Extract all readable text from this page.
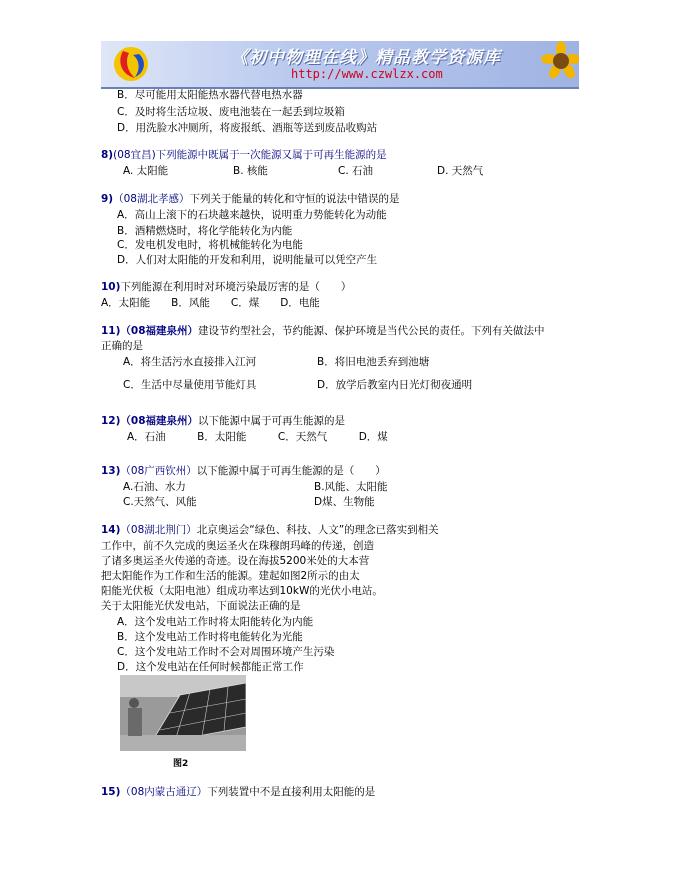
《初中物理在线》精品教学资源库
http://www.czwlzx.com
B．尽可能用太阳能热水器代替电热水器
C．及时将生活垃圾、废电池装在一起丢到垃圾箱
D．用洗脸水冲厕所，将废报纸、酒瓶等送到废品收购站
8)(08宜昌)下列能源中既属于一次能源又属于可再生能源的是
A. 太阳能	B. 核能	C. 石油	D. 天然气
9)（08湖北孝感）下列关于能量的转化和守恒的说法中错误的是
A．高山上滚下的石块越来越快，说明重力势能转化为动能
B．酒精燃烧时，将化学能转化为内能
C．发电机发电时，将机械能转化为电能
D．人们对太阳能的开发和利用，说明能量可以凭空产生
10)下列能源在利用时对环境污染最厉害的是（　　）
A．太阳能　　B．风能　　C．煤　　D．电能
11)（08福建泉州）建设节约型社会，节约能源、保护环境是当代公民的责任。下列有关做法中
正确的是
A．将生活污水直接排入江河	B．将旧电池丢弃到池塘
C．生活中尽量使用节能灯具	D．放学后教室内日光灯彻夜通明
12)（08福建泉州）以下能源中属于可再生能源的是
A．石油　　　B．太阳能　　　C．天然气　　　D．煤
13)（08广西钦州）以下能源中属于可再生能源的是（　　）
A.石油、水力	B.风能、太阳能
C.天然气、风能	D煤、生物能
14)（08湖北荆门）北京奥运会“绿色、科技、人文”的理念已落实到相关
工作中，前不久完成的奥运圣火在珠穆朗玛峰的传递，创造
了诸多奥运圣火传递的奇迹。设在海拔5200米处的大本营
把太阳能作为工作和生活的能源。建起如图2所示的由太
阳能光伏板（太阳电池）组成功率达到10kW的光伏小电站。
关于太阳能光伏发电站，下面说法正确的是
A．这个发电站工作时将太阳能转化为内能
B．这个发电站工作时将电能转化为光能
C．这个发电站工作时不会对周围环境产生污染
D．这个发电站在任何时候都能正常工作
图2
15)（08内蒙古通辽）下列装置中不是直接利用太阳能的是
